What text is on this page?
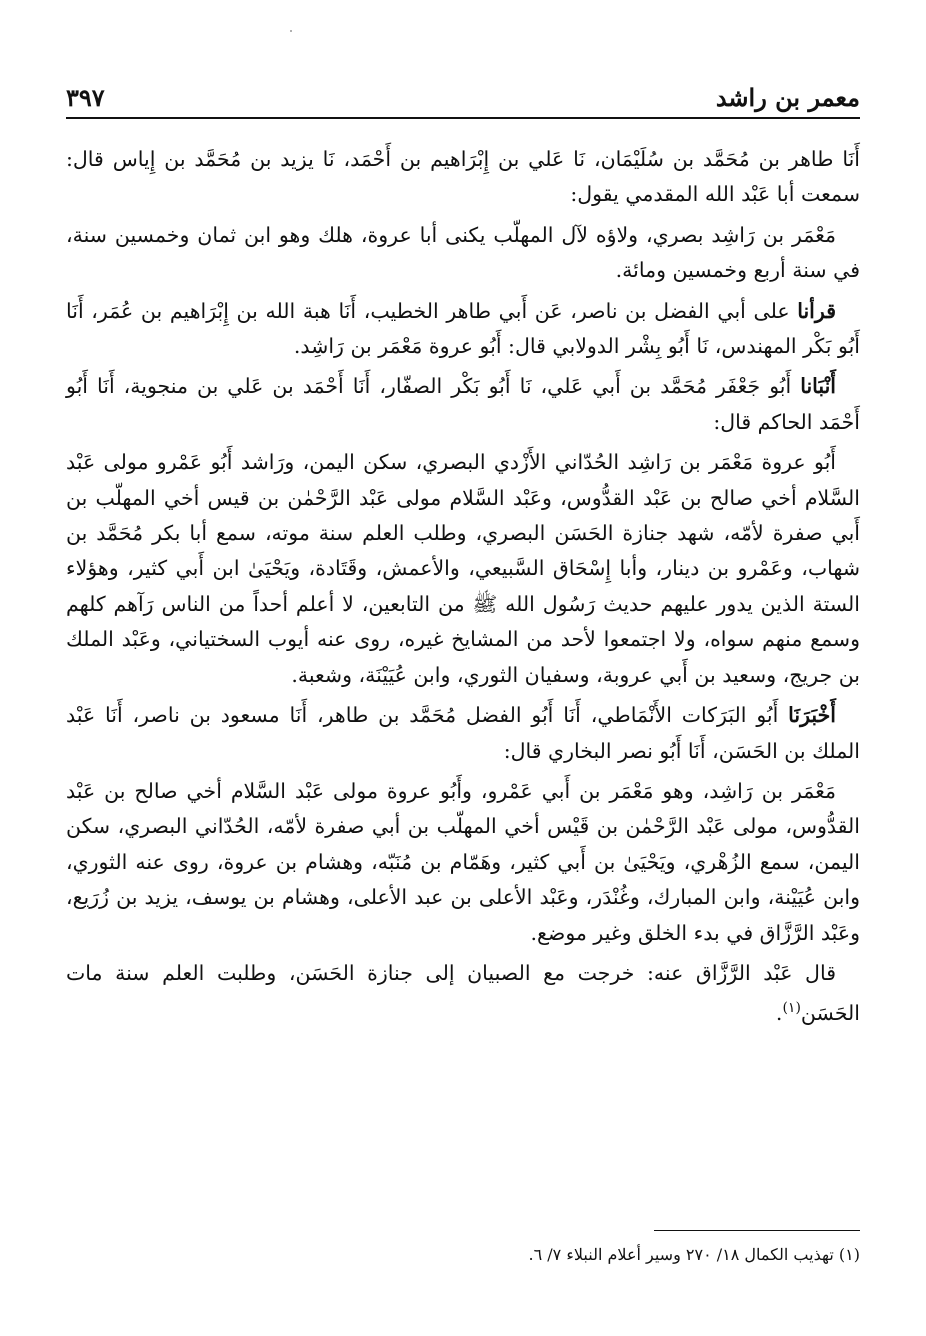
معمر بن راشد
٣٩٧

أَنَا طاهر بن مُحَمَّد بن سُلَيْمَان، نَا عَلي بن إِبْرَاهيم بن أَحْمَد، نَا يزيد بن مُحَمَّد بن إِياس قال: سمعت أبا عَبْد الله المقدمي يقول:

مَعْمَر بن رَاشِد بصري، ولاؤه لآل المهلّب يكنى أبا عروة، هلك وهو ابن ثمان وخمسين سنة، في سنة أربع وخمسين ومائة.

قرأنا على أبي الفضل بن ناصر، عَن أَبي طاهر الخطيب، أَنَا هبة الله بن إِبْرَاهيم بن عُمَر، أَنَا أَبُو بَكْر المهندس، نَا أَبُو بِشْر الدولابي قال: أَبُو عروة مَعْمَر بن رَاشِد.

أَنْبَانا أَبُو جَعْفَر مُحَمَّد بن أَبي عَلي، نَا أَبُو بَكْر الصفّار، أَنَا أَحْمَد بن عَلي بن منجوية، أَنَا أَبُو أَحْمَد الحاكم قال:

أَبُو عروة مَعْمَر بن رَاشِد الحُدّاني الأَزْدي البصري، سكن اليمن، ورَاشد أَبُو عَمْرو مولى عَبْد السَّلام أخي صالح بن عَبْد القدُّوس، وعَبْد السَّلام مولى عَبْد الرَّحْمٰن بن قيس أخي المهلّب بن أَبي صفرة لأمّه، شهد جنازة الحَسَن البصري، وطلب العلم سنة موته، سمع أبا بكر مُحَمَّد بن شهاب، وعَمْرو بن دينار، وأبا إِسْحَاق السَّبيعي، والأعمش، وقَتَادة، ويَحْيَىٰ ابن أَبي كثير، وهؤلاء الستة الذين يدور عليهم حديث رَسُول الله ﷺ من التابعين، لا أعلم أحداً من الناس رَآهم كلهم وسمع منهم سواه، ولا اجتمعوا لأحد من المشايخ غيره، روى عنه أيوب السختياني، وعَبْد الملك بن جريج، وسعيد بن أَبي عروبة، وسفيان الثوري، وابن عُيَيْنَة، وشعبة.

أَخْبَرَنَا أَبُو البَرَكات الأَنْمَاطي، أَنَا أَبُو الفضل مُحَمَّد بن طاهر، أَنَا مسعود بن ناصر، أَنَا عَبْد الملك بن الحَسَن، أَنَا أَبُو نصر البخاري قال:

مَعْمَر بن رَاشِد، وهو مَعْمَر بن أَبي عَمْرو، وأَبُو عروة مولى عَبْد السَّلام أخي صالح بن عَبْد القدُّوس، مولى عَبْد الرَّحْمٰن بن قَيْس أخي المهلّب بن أبي صفرة لأمّه، الحُدّاني البصري، سكن اليمن، سمع الزُهْري، ويَحْيَىٰ بن أَبي كثير، وهَمّام بن مُنَبّه، وهشام بن عروة، روى عنه الثوري، وابن عُيَيْنة، وابن المبارك، وغُنْدَر، وعَبْد الأعلى بن عبد الأعلى، وهشام بن يوسف، يزيد بن زُرَيع، وعَبْد الرَّزَّاق في بدء الخلق وغير موضع.

قال عَبْد الرَّزَّاق عنه: خرجت مع الصبيان إلى جنازة الحَسَن، وطلبت العلم سنة مات الحَسَن$^{(١)}$.

(١) تهذيب الكمال ١٨/ ٢٧٠ وسير أعلام النبلاء ٧/ ٦.
